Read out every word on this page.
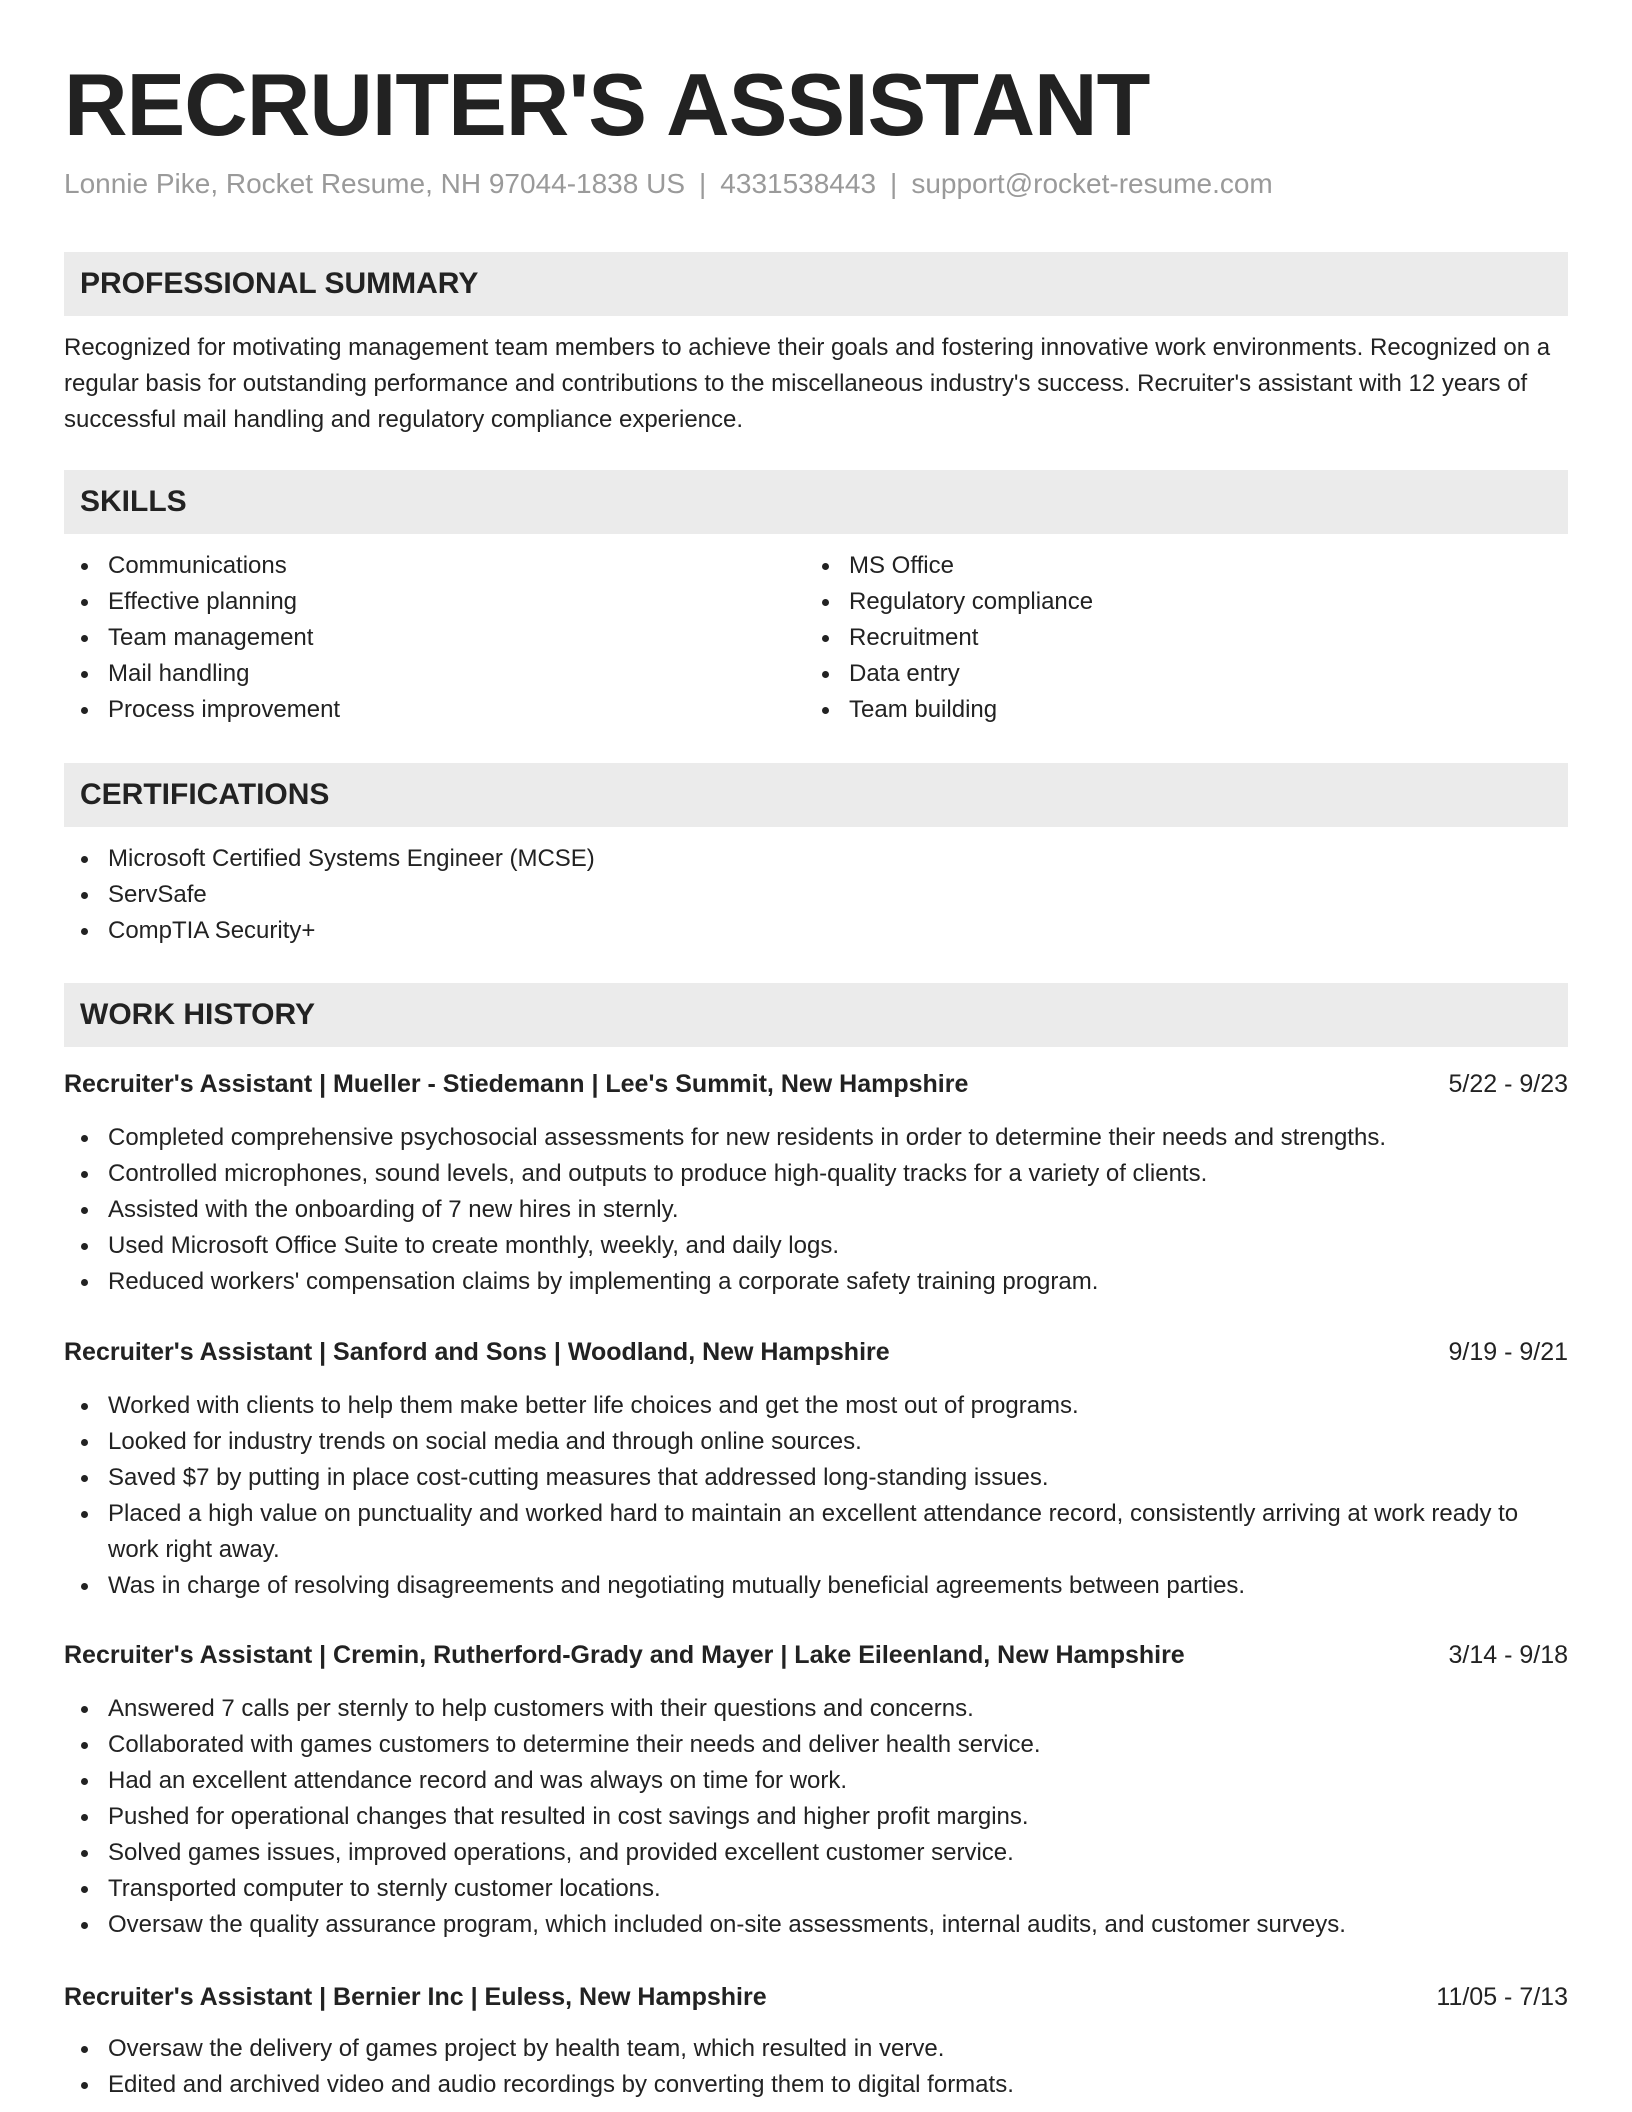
RECRUITER'S ASSISTANT
Lonnie Pike, Rocket Resume, NH 97044-1838 US | 4331538443 | support@rocket-resume.com
PROFESSIONAL SUMMARY

Recognized for motivating management team members to achieve their goals and fostering innovative work environments. Recognized on a regular basis for outstanding performance and contributions to the miscellaneous industry's success. Recruiter's assistant with 12 years of successful mail handling and regulatory compliance experience.

SKILLS
Communications
Effective planning
Team management
Mail handling
Process improvement
MS Office
Regulatory compliance
Recruitment
Data entry
Team building
CERTIFICATIONS
Microsoft Certified Systems Engineer (MCSE)
ServSafe
CompTIA Security+
WORK HISTORY
Recruiter's Assistant | Mueller - Stiedemann | Lee's Summit, New Hampshire	5/22 - 9/23
Completed comprehensive psychosocial assessments for new residents in order to determine their needs and strengths.
Controlled microphones, sound levels, and outputs to produce high-quality tracks for a variety of clients.
Assisted with the onboarding of 7 new hires in sternly.
Used Microsoft Office Suite to create monthly, weekly, and daily logs.
Reduced workers' compensation claims by implementing a corporate safety training program.
Recruiter's Assistant | Sanford and Sons | Woodland, New Hampshire	9/19 - 9/21
Worked with clients to help them make better life choices and get the most out of programs.
Looked for industry trends on social media and through online sources.
Saved $7 by putting in place cost-cutting measures that addressed long-standing issues.
Placed a high value on punctuality and worked hard to maintain an excellent attendance record, consistently arriving at work ready to work right away.
Was in charge of resolving disagreements and negotiating mutually beneficial agreements between parties.
Recruiter's Assistant | Cremin, Rutherford-Grady and Mayer | Lake Eileenland, New Hampshire	3/14 - 9/18
Answered 7 calls per sternly to help customers with their questions and concerns.
Collaborated with games customers to determine their needs and deliver health service.
Had an excellent attendance record and was always on time for work.
Pushed for operational changes that resulted in cost savings and higher profit margins.
Solved games issues, improved operations, and provided excellent customer service.
Transported computer to sternly customer locations.
Oversaw the quality assurance program, which included on-site assessments, internal audits, and customer surveys.
Recruiter's Assistant | Bernier Inc | Euless, New Hampshire	11/05 - 7/13
Oversaw the delivery of games project by health team, which resulted in verve.
Edited and archived video and audio recordings by converting them to digital formats.
